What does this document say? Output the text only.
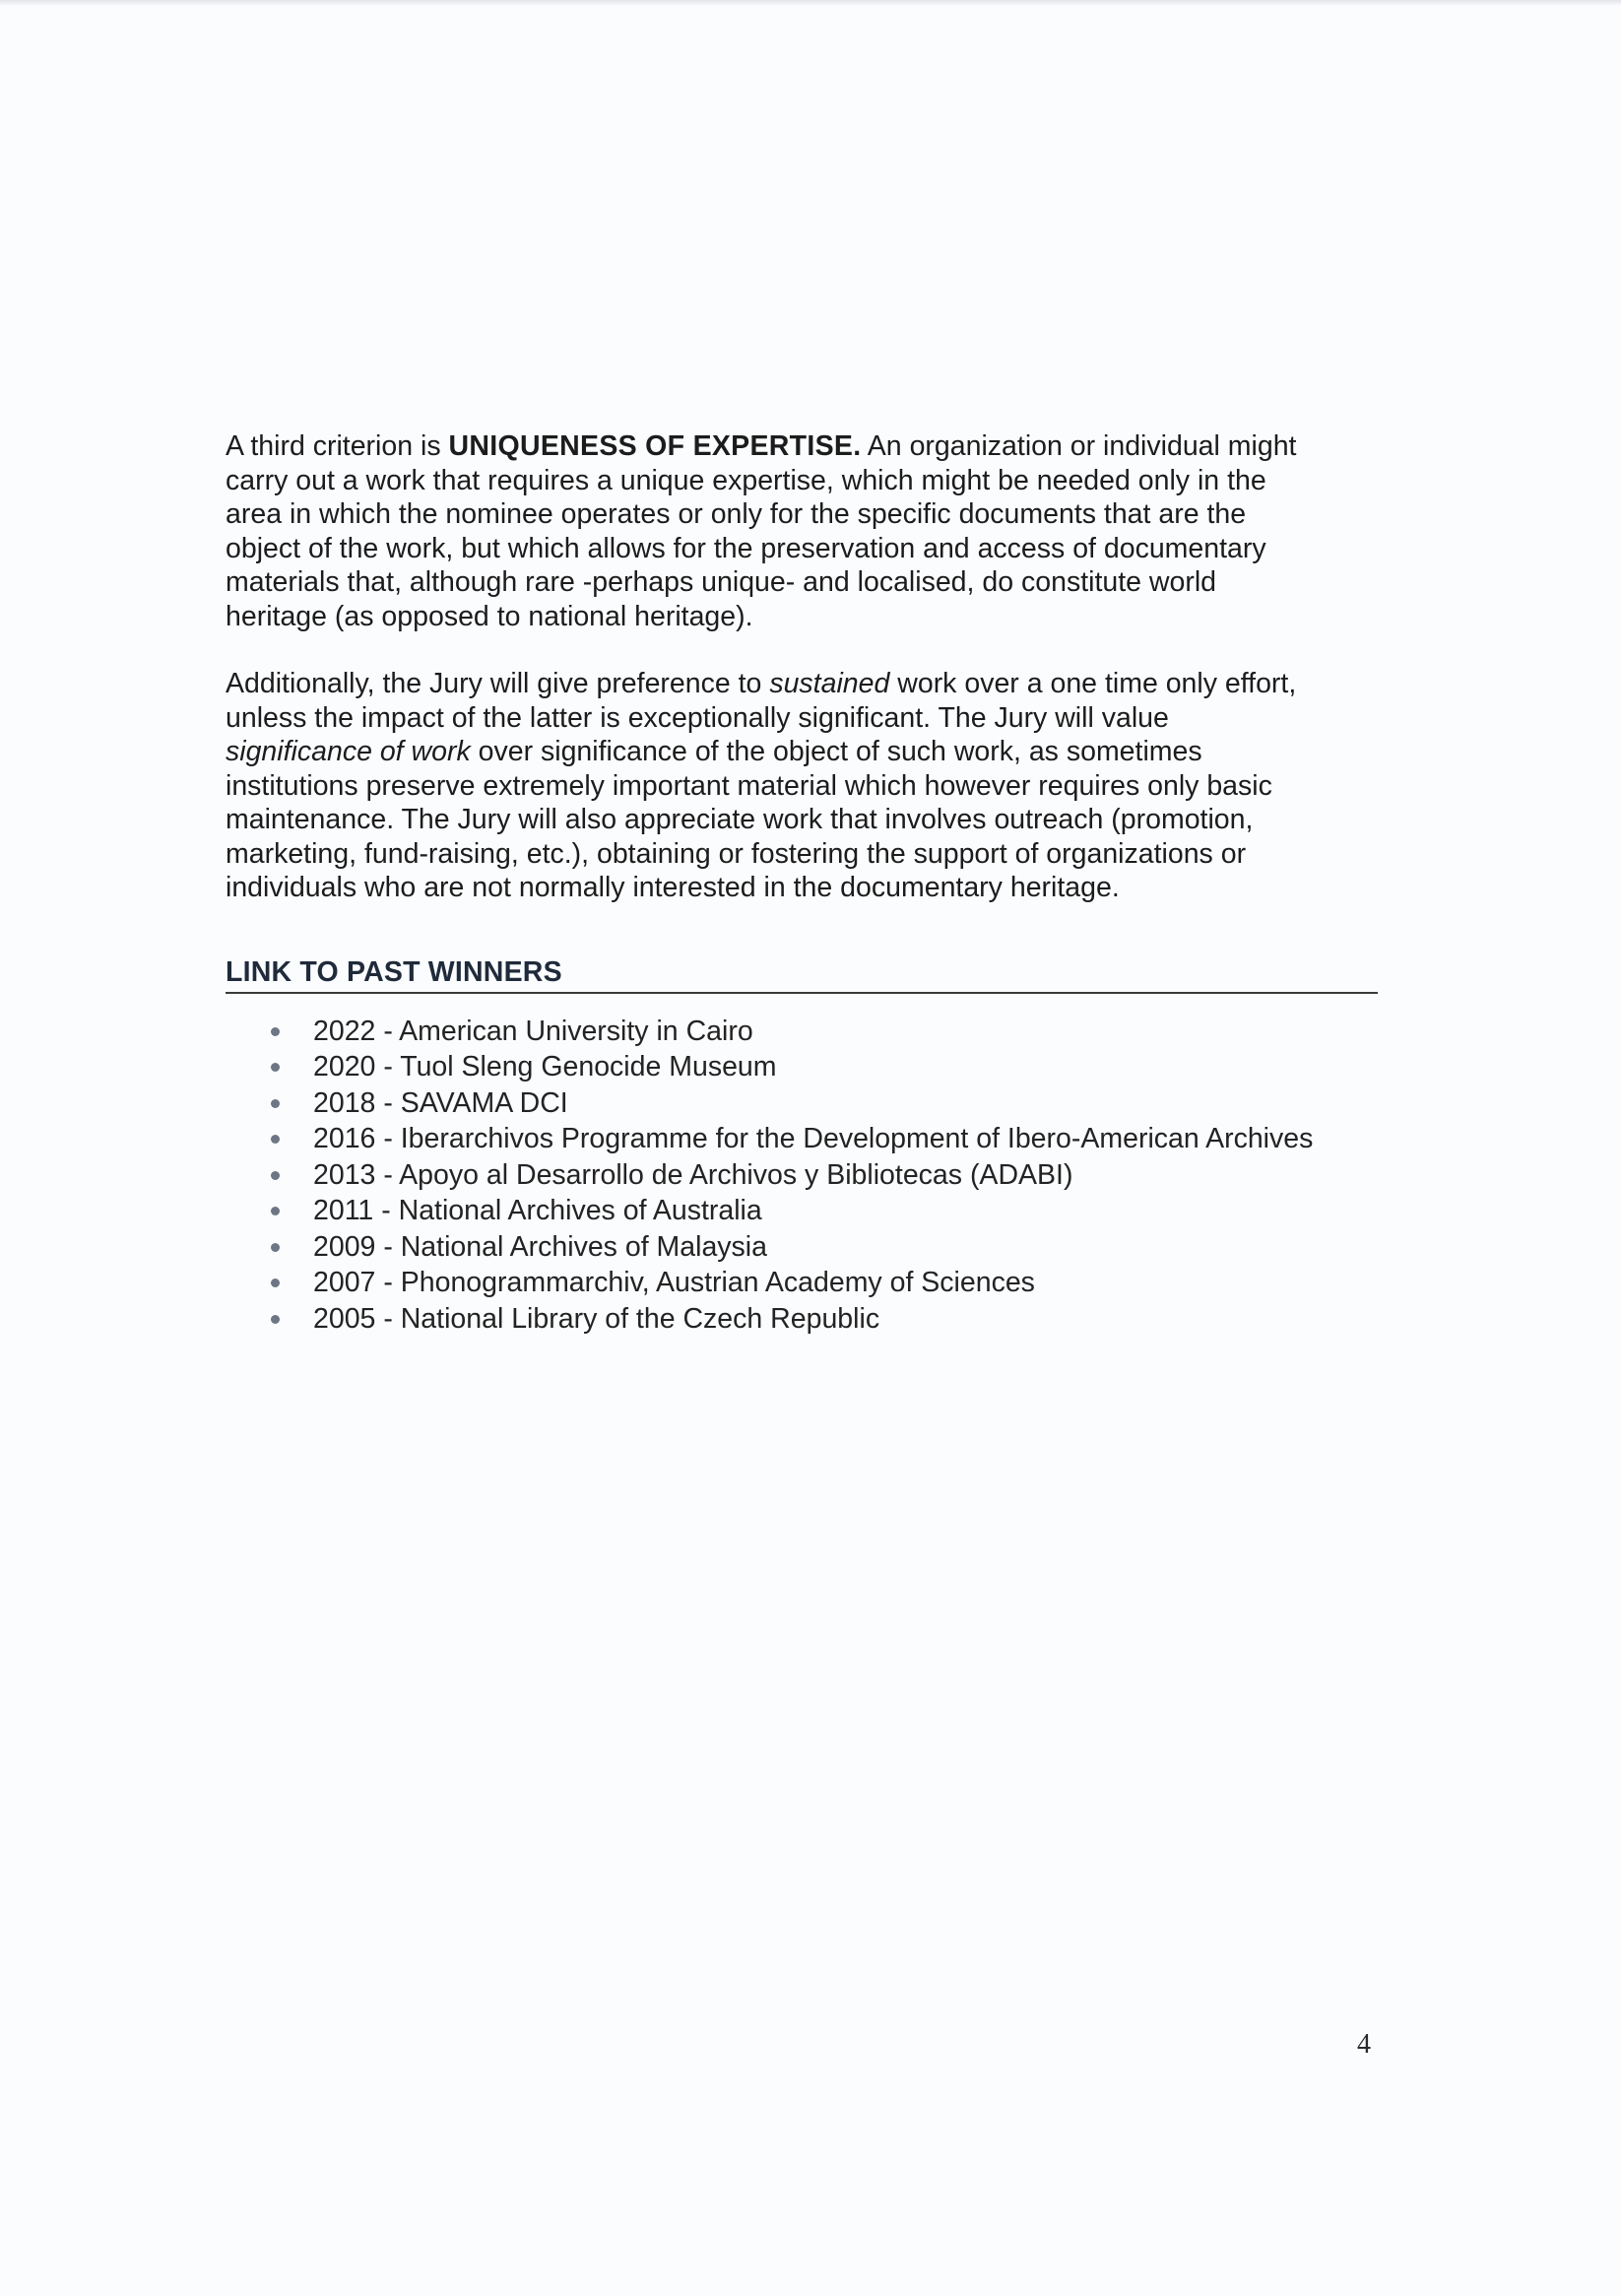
A third criterion is UNIQUENESS OF EXPERTISE. An organization or individual might
carry out a work that requires a unique expertise, which might be needed only in the
area in which the nominee operates or only for the specific documents that are the
object of the work, but which allows for the preservation and access of documentary
materials that, although rare -perhaps unique- and localised, do constitute world
heritage (as opposed to national heritage).

Additionally, the Jury will give preference to sustained work over a one time only effort,
unless the impact of the latter is exceptionally significant. The Jury will value
significance of work over significance of the object of such work, as sometimes
institutions preserve extremely important material which however requires only basic
maintenance. The Jury will also appreciate work that involves outreach (promotion,
marketing, fund-raising, etc.), obtaining or fostering the support of organizations or
individuals who are not normally interested in the documentary heritage.

LINK TO PAST WINNERS
2022 - American University in Cairo
2020 - Tuol Sleng Genocide Museum
2018 - SAVAMA DCI
2016 - Iberarchivos Programme for the Development of Ibero-American Archives
2013 - Apoyo al Desarrollo de Archivos y Bibliotecas (ADABI)
2011 - National Archives of Australia
2009 - National Archives of Malaysia
2007 - Phonogrammarchiv, Austrian Academy of Sciences
2005 - National Library of the Czech Republic
4
